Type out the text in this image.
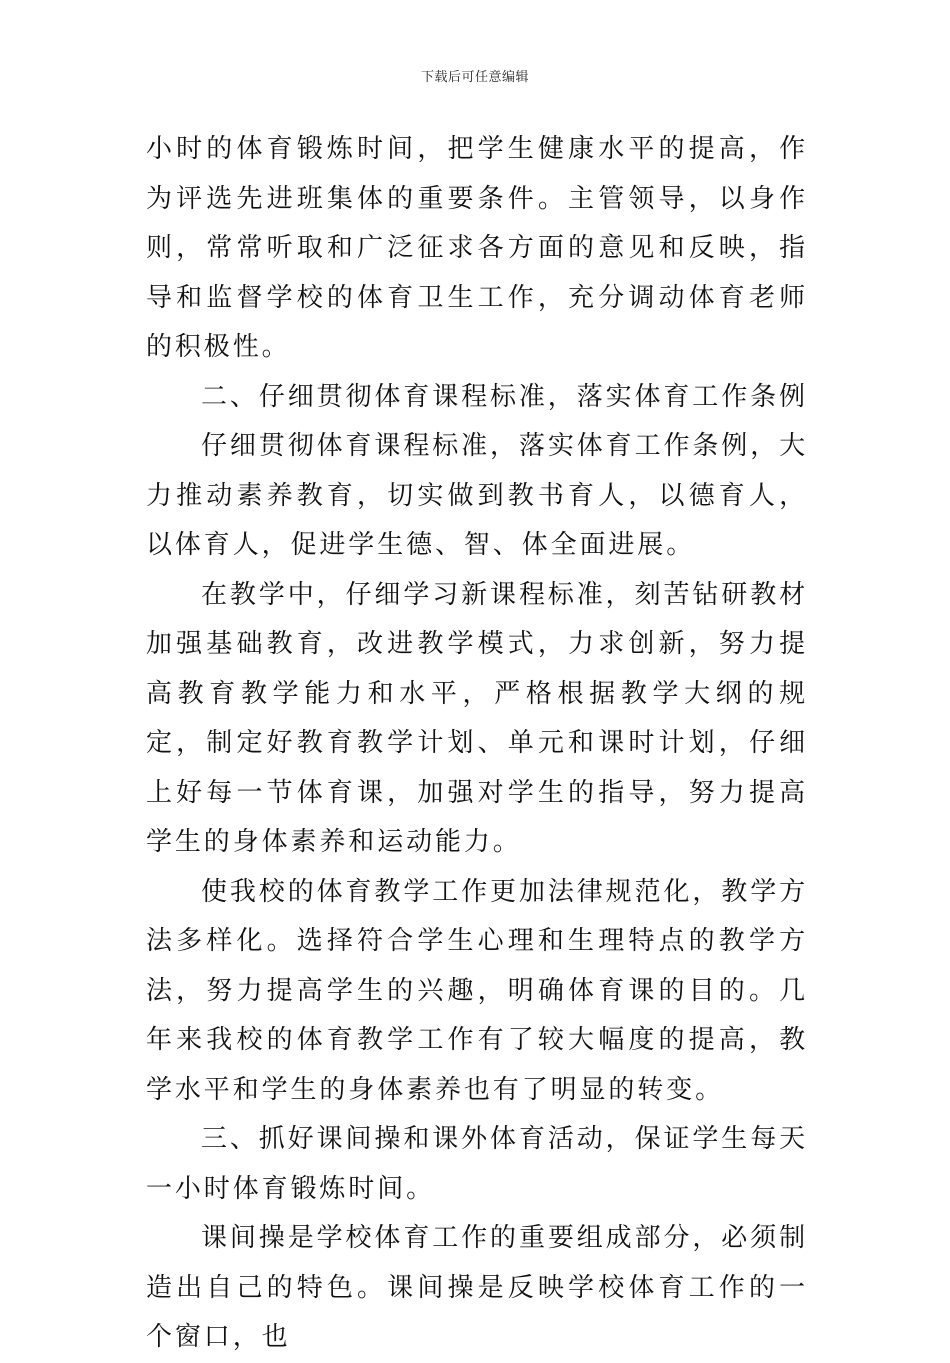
下载后可任意编辑

小时的体育锻炼时间，把学生健康水平的提高，作为评选先进班集体的重要条件。主管领导，以身作则，常常听取和广泛征求各方面的意见和反映，指导和监督学校的体育卫生工作，充分调动体育老师的积极性。

二、仔细贯彻体育课程标准，落实体育工作条例

仔细贯彻体育课程标准，落实体育工作条例，大力推动素养教育，切实做到教书育人，以德育人，以体育人，促进学生德、智、体全面进展。

在教学中，仔细学习新课程标准，刻苦钻研教材加强基础教育，改进教学模式，力求创新，努力提高教育教学能力和水平，严格根据教学大纲的规定，制定好教育教学计划、单元和课时计划，仔细上好每一节体育课，加强对学生的指导，努力提高学生的身体素养和运动能力。

使我校的体育教学工作更加法律规范化，教学方法多样化。选择符合学生心理和生理特点的教学方法，努力提高学生的兴趣，明确体育课的目的。几年来我校的体育教学工作有了较大幅度的提高，教学水平和学生的身体素养也有了明显的转变。

三、抓好课间操和课外体育活动，保证学生每天一小时体育锻炼时间。

课间操是学校体育工作的重要组成部分，必须制造出自己的特色。课间操是反映学校体育工作的一个窗口，也
